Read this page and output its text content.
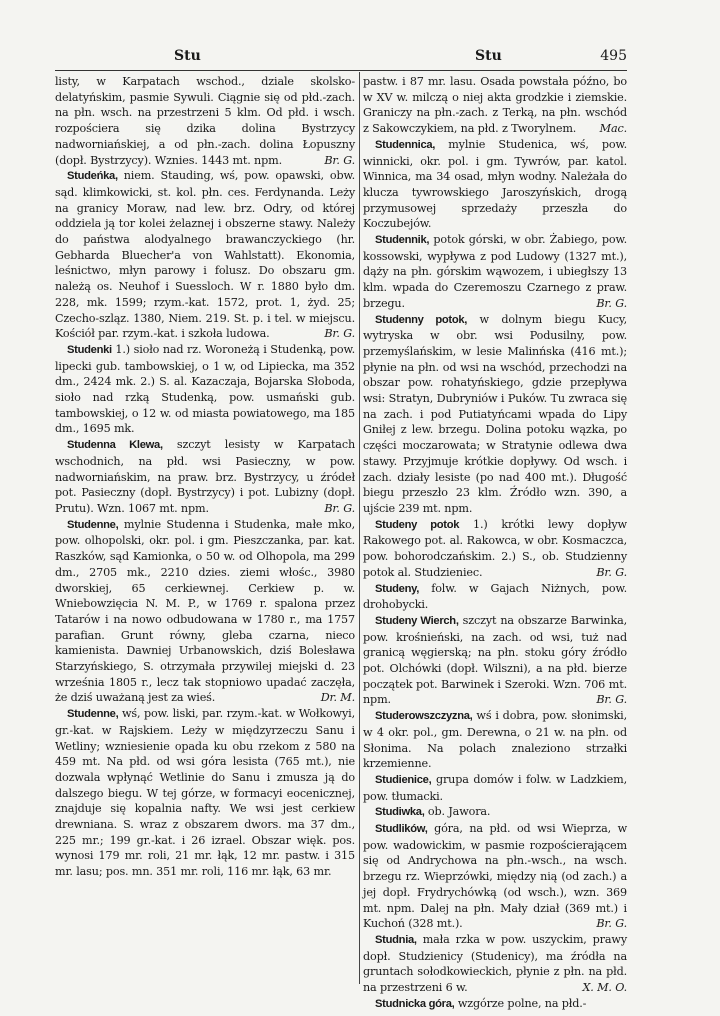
Stu	Stu	495

listy, w Karpatach wschod., dziale skolsko-delatyńskim, pasmie Sywuli. Ciągnie się od płd.-zach. na płn. wsch. na przestrzeni 5 klm. Od płd. i wsch. rozpościera się dzika dolina Bystrzycy nadworniańskiej, a od płn.-zach. dolina Łopuszny (dopł. Bystrzycy). Wznies. 1443 mt. npm.	Br. G.

Studeńka, niem. Stauding, wś, pow. opawski, obw. sąd. klimkowicki, st. kol. płn. ces. Ferdynanda. Leży na granicy Moraw, nad lew. brz. Odry, od której oddziela ją tor kolei żelaznej i obszerne stawy. Należy do państwa alodyalnego brawanczyckiego (hr. Gebharda Bluecher'a von Wahlstatt). Ekonomia, leśnictwo, młyn parowy i folusz. Do obszaru gm. należą os. Neuhof i Suessloch. W r. 1880 było dm. 228, mk. 1599; rzym.-kat. 1572, prot. 1, żyd. 25; Czecho-szląz. 1380, Niem. 219. St. p. i tel. w miejscu. Kościół par. rzym.-kat. i szkoła ludowa.	Br. G.

Studenki 1.) sioło nad rz. Woroneżą i Studenką, pow. lipecki gub. tambowskiej, o 1 w, od Lipiecka, ma 352 dm., 2424 mk. 2.) S. al. Kazaczaja, Bojarska Słoboda, sioło nad rzką Studenką, pow. usmański gub. tambowskiej, o 12 w. od miasta powiatowego, ma 185 dm., 1695 mk.

Studenna Klewa, szczyt lesisty w Karpatach wschodnich, na płd. wsi Pasieczny, w pow. nadworniańskim, na praw. brz. Bystrzycy, u źródeł pot. Pasieczny (dopł. Bystrzycy) i pot. Lubizny (dopł. Prutu). Wzn. 1067 mt. npm.	Br. G.

Studenne, mylnie Studenna i Studenka, małe mko, pow. olhopolski, okr. pol. i gm. Pieszczanka, par. kat. Raszków, sąd Kamionka, o 50 w. od Olhopola, ma 299 dm., 2705 mk., 2210 dzies. ziemi włośc., 3980 dworskiej, 65 cerkiewnej. Cerkiew p. w. Wniebowzięcia N. M. P., w 1769 r. spalona przez Tatarów i na nowo odbudowana w 1780 r., ma 1757 parafian. Grunt równy, gleba czarna, nieco kamienista. Dawniej Urbanowskich, dziś Bolesława Starzyńskiego, S. otrzymała przywilej miejski d. 23 września 1805 r., lecz tak stopniowo upadać zaczęła, że dziś uważaną jest za wieś.	Dr. M.

Studenne, wś, pow. liski, par. rzym.-kat. w Wołkowyi, gr.-kat. w Rajskiem. Leży w międzyrzeczu Sanu i Wetliny; wzniesienie opada ku obu rzekom z 580 na 459 mt. Na płd. od wsi góra lesista (765 mt.), nie dozwala wpłynąć Wetlinie do Sanu i zmusza ją do dalszego biegu. W tej górze, w formacyi eocenicznej, znajduje się kopalnia nafty. We wsi jest cerkiew drewniana. S. wraz z obszarem dwors. ma 37 dm., 225 mr.; 199 gr.-kat. i 26 izrael. Obszar więk. pos. wynosi 179 mr. roli, 21 mr. łąk, 12 mr. pastw. i 315 mr. lasu; pos. mn. 351 mr. roli, 116 mr. łąk, 63 mr.

pastw. i 87 mr. lasu. Osada powstała późno, bo w XV w. milczą o niej akta grodzkie i ziemskie. Graniczy na płn.-zach. z Terką, na płn. wschód z Sakowczykiem, na płd. z Tworylnem. Mac.

Studennica, mylnie Studenica, wś, pow. winnicki, okr. pol. i gm. Tywrów, par. katol. Winnica, ma 34 osad, młyn wodny. Należała do klucza tywrowskiego Jaroszyńskich, drogą przymusowej sprzedaży przeszła do Koczubejów.

Studennik, potok górski, w obr. Żabiego, pow. kossowski, wypływa z pod Ludowy (1327 mt.), dąży na płn. górskim wąwozem, i ubiegłszy 13 klm. wpada do Czeremoszu Czarnego z praw. brzegu.	Br. G.

Studenny potok, w dolnym biegu Kucy, wytryska w obr. wsi Podusilny, pow. przemyślańskim, w lesie Malinńska (416 mt.); płynie na płn. od wsi na wschód, przechodzi na obszar pow. rohatyńskiego, gdzie przepływa wsi: Stratyn, Dubryniów i Puków. Tu zwraca się na zach. i pod Putiatyńcami wpada do Lipy Gniłej z lew. brzegu. Dolina potoku wązka, po części moczarowata; w Stratynie odlewa dwa stawy. Przyjmuje krótkie dopływy. Od wsch. i zach. działy lesiste (po nad 400 mt.). Długość biegu przeszło 23 klm. Źródło wzn. 390, a ujście 239 mt. npm.

Studeny potok 1.) krótki lewy dopływ Rakowego pot. al. Rakowca, w obr. Kosmaczca, pow. bohorodczańskim. 2.) S., ob. Studzienny potok al. Studzieniec.	Br. G.

Studeny, folw. w Gajach Niżnych, pow. drohobycki.

Studeny Wierch, szczyt na obszarze Barwinka, pow. krośnieński, na zach. od wsi, tuż nad granicą węgierską; na płn. stoku góry źródło pot. Olchówki (dopł. Wilszni), a na płd. bierze początek pot. Barwinek i Szeroki. Wzn. 706 mt. npm.	Br. G.

Studerowszczyzna, wś i dobra, pow. słonimski, w 4 okr. pol., gm. Derewna, o 21 w. na płn. od Słonima. Na polach znaleziono strzałki krzemienne.

Studienice, grupa domów i folw. w Ladzkiem, pow. tłumacki.

Studiwka, ob. Jawora.

Studlików, góra, na płd. od wsi Wieprza, w pow. wadowickim, w pasmie rozpościerającem się od Andrychowa na płn.-wsch., na wsch. brzegu rz. Wieprzówki, między nią (od zach.) a jej dopł. Frydrychówką (od wsch.), wzn. 369 mt. npm. Dalej na płn. Mały dział (369 mt.) i Kuchoń (328 mt.).	Br. G.

Studnia, mała rzka w pow. uszyckim, prawy dopł. Studzienicy (Studenicy), ma źródła na gruntach sołodkowieckich, płynie z płn. na płd. na przestrzeni 6 w.	X. M. O.

Studnicka góra, wzgórze polne, na płd.-
